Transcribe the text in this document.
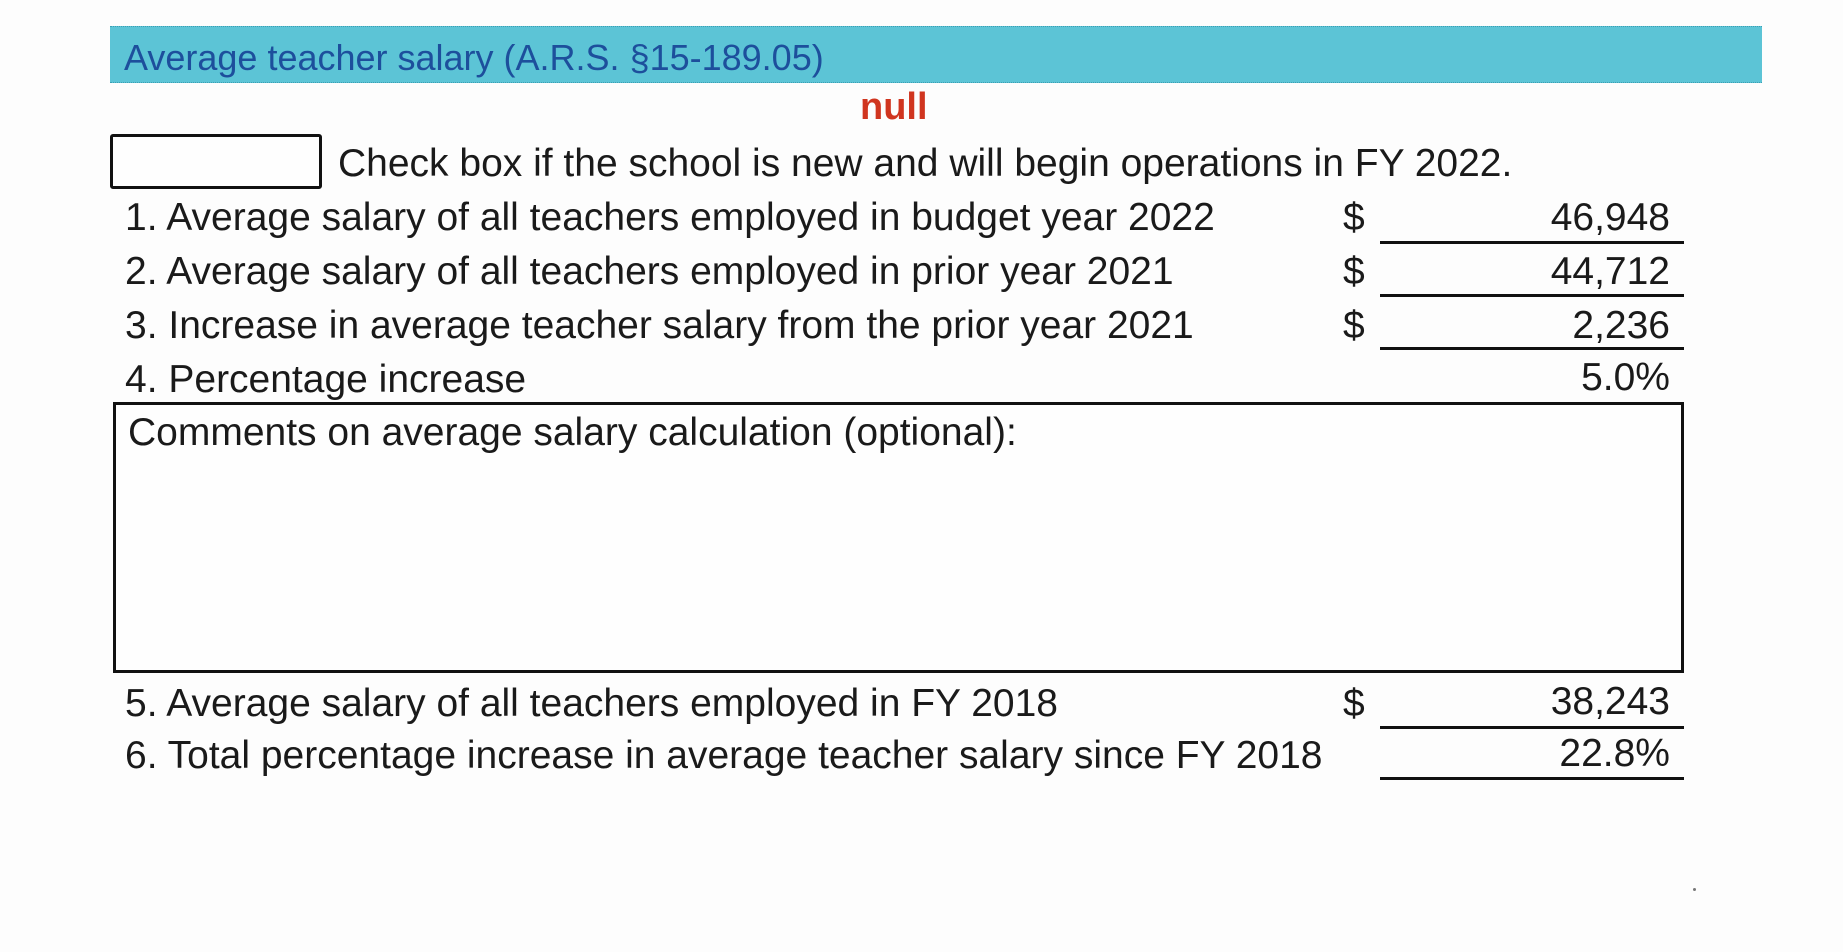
Average teacher salary (A.R.S. §15-189.05)
null
Check box if the school is new and will begin operations in FY 2022.
1. Average salary of all teachers employed in budget year 2022	$	46,948
2. Average salary of all teachers employed in prior year 2021	$	44,712
3. Increase in average teacher salary from the prior year 2021	$	2,236
4. Percentage increase	5.0%
Comments on average salary calculation (optional):
5. Average salary of all teachers employed in FY 2018	$	38,243
6. Total percentage increase in average teacher salary since FY 2018	22.8%
